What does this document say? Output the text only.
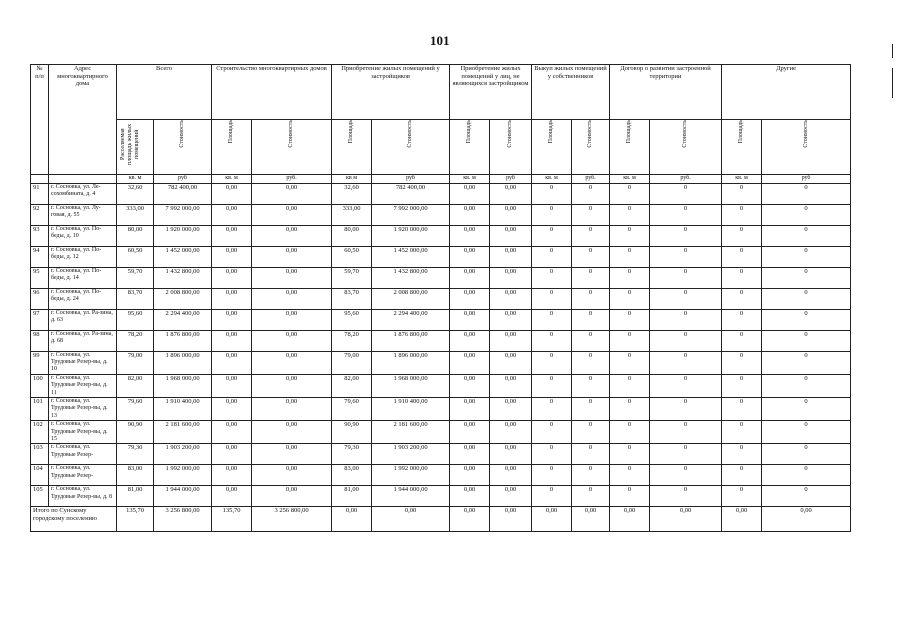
101
№ п/п	Адрес многоквартирного дома	Всего		Строительство многоквартирных домов		Приобретение жилых помещений у застройщиков		Приобретение жилых помещений у лиц, не являющихся застройщиком		Выкуп жилых помещений у собственников		Договор о развитии застроенной территории		Другие	
		Расселяемая площадь жилых помещений	Стоимость	Площадь	Стоимость	Площадь	Стоимость	Площадь	Стоимость	Площадь	Стоимость	Площадь	Стоимость	Площадь	Стоимость
		кв. м	руб	кв. м	руб.	кв м	руб	кв. м	руб	кв. м	руб.	кв. м	руб.	кв. м	руб
91	г. Сосновка, ул. Ле-сохомбината, д. 4	32,60	782 400,00	0,00	0,00	32,60	782 400,00	0,00	0,00	0	0	0	0	0	0
92	г. Сосновка, ул. Лу-говая, д. 55	333,00	7 992 000,00	0,00	0,00	333,00	7 992 000,00	0,00	0,00	0	0	0	0	0	0
93	г. Сосновка, ул. По-беды, д. 10	80,00	1 920 000,00	0,00	0,00	80,00	1 920 000,00	0,00	0,00	0	0	0	0	0	0
94	г. Сосновка, ул. По-беды, д. 12	60,50	1 452 000,00	0,00	0,00	60,50	1 452 000,00	0,00	0,00	0	0	0	0	0	0
95	г. Сосновка, ул. По-беды, д. 14	59,70	1 432 800,00	0,00	0,00	59,70	1 432 800,00	0,00	0,00	0	0	0	0	0	0
96	г. Сосновка, ул. По-беды, д. 24	83,70	2 008 800,00	0,00	0,00	83,70	2 008 800,00	0,00	0,00	0	0	0	0	0	0
97	г. Сосновка, ул. Ра-зина, д. 63	95,60	2 294 400,00	0,00	0,00	95,60	2 294 400,00	0,00	0,00	0	0	0	0	0	0
98	г. Сосновка, ул. Ра-зина, д. 68	78,20	1 876 800,00	0,00	0,00	78,20	1 876 800,00	0,00	0,00	0	0	0	0	0	0
99	г. Сосновка, ул. Трудовые Резер-вы, д. 10	79,00	1 896 000,00	0,00	0,00	79,00	1 896 000,00	0,00	0,00	0	0	0	0	0	0
100	г. Сосновка, ул. Трудовые Резер-вы, д. 11	82,00	1 968 000,00	0,00	0,00	82,00	1 968 000,00	0,00	0,00	0	0	0	0	0	0
101	г. Сосновка, ул. Трудовые Резер-вы, д. 13	79,60	1 910 400,00	0,00	0,00	79,60	1 910 400,00	0,00	0,00	0	0	0	0	0	0
102	г. Сосновка, ул. Трудовые Резер-вы, д. 15	90,90	2 181 600,00	0,00	0,00	90,90	2 181 600,00	0,00	0,00	0	0	0	0	0	0
103	г. Сосновка, ул. Трудовые Резер-	79,30	1 903 200,00	0,00	0,00	79,30	1 903 200,00	0,00	0,00	0	0	0	0	0	0
104	г. Сосновка, ул. Трудовые Резер-	83,00	1 992 000,00	0,00	0,00	83,00	1 992 000,00	0,00	0,00	0	0	0	0	0	0
105	г. Сосновка, ул. Трудовые Резер-вы, д. 8	81,00	1 944 000,00	0,00	0,00	81,00	1 944 000,00	0,00	0,00	0	0	0	0	0	0
Итого по Сунскому городскому поселению		135,70	3 256 800,00	135,70	3 256 800,00	0,00	0,00	0,00	0,00	0,00	0,00	0,00	0,00	0,00	0,00
